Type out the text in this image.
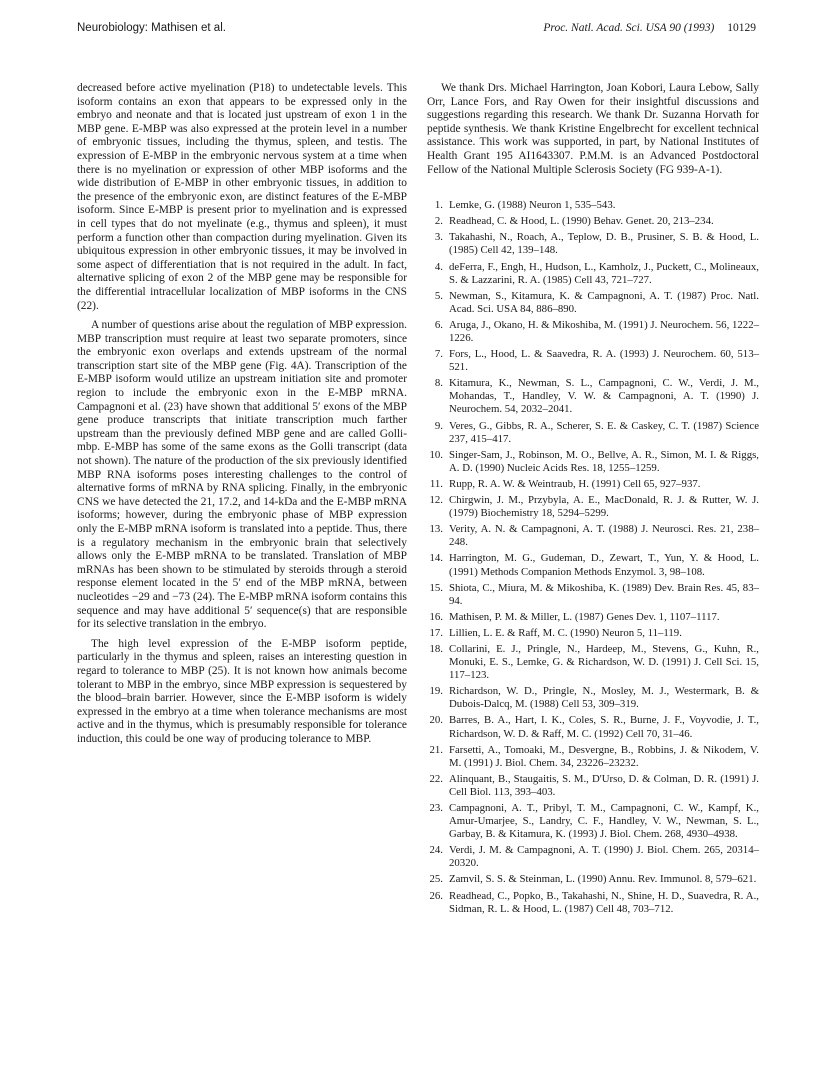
Neurobiology: Mathisen et al.	Proc. Natl. Acad. Sci. USA 90 (1993) 10129

decreased before active myelination (P18) to undetectable levels. This isoform contains an exon that appears to be expressed only in the embryo and neonate and that is located just upstream of exon 1 in the MBP gene. E-MBP was also expressed at the protein level in a number of embryonic tissues, including the thymus, spleen, and testis. The expression of E-MBP in the embryonic nervous system at a time when there is no myelination or expression of other MBP isoforms and the wide distribution of E-MBP in other embryonic tissues, in addition to the presence of the embryonic exon, are distinct features of the E-MBP isoform. Since E-MBP is present prior to myelination and is expressed in cell types that do not myelinate (e.g., thymus and spleen), it must perform a function other than compaction during myelination. Given its ubiquitous expression in other embryonic tissues, it may be involved in some aspect of differentiation that is not required in the adult. In fact, alternative splicing of exon 2 of the MBP gene may be responsible for the differential intracellular localization of MBP isoforms in the CNS (22).

A number of questions arise about the regulation of MBP expression. MBP transcription must require at least two separate promoters, since the embryonic exon overlaps and extends upstream of the normal transcription start site of the MBP gene (Fig. 4A). Transcription of the E-MBP isoform would utilize an upstream initiation site and promoter region to include the embryonic exon in the E-MBP mRNA. Campagnoni et al. (23) have shown that additional 5′ exons of the MBP gene produce transcripts that initiate transcription much farther upstream than the previously defined MBP gene and are called Golli-mbp. E-MBP has some of the same exons as the Golli transcript (data not shown). The nature of the production of the six previously identified MBP RNA isoforms poses interesting challenges to the control of alternative forms of mRNA by RNA splicing. Finally, in the embryonic CNS we have detected the 21, 17.2, and 14-kDa and the E-MBP mRNA isoforms; however, during the embryonic phase of MBP expression only the E-MBP mRNA isoform is translated into a peptide. Thus, there is a regulatory mechanism in the embryonic brain that selectively allows only the E-MBP mRNA to be translated. Translation of MBP mRNAs has been shown to be stimulated by steroids through a steroid response element located in the 5′ end of the MBP mRNA, between nucleotides −29 and −73 (24). The E-MBP mRNA isoform contains this sequence and may have additional 5′ sequence(s) that are responsible for its selective translation in the embryo.

The high level expression of the E-MBP isoform peptide, particularly in the thymus and spleen, raises an interesting question in regard to tolerance to MBP (25). It is not known how animals become tolerant to MBP in the embryo, since MBP expression is sequestered by the blood–brain barrier. However, since the E-MBP isoform is widely expressed in the embryo at a time when tolerance mechanisms are most active and in the thymus, which is presumably responsible for tolerance induction, this could be one way of producing tolerance to MBP.

We thank Drs. Michael Harrington, Joan Kobori, Laura Lebow, Sally Orr, Lance Fors, and Ray Owen for their insightful discussions and suggestions regarding this research. We thank Dr. Suzanna Horvath for peptide synthesis. We thank Kristine Engelbrecht for excellent technical assistance. This work was supported, in part, by National Institutes of Health Grant 195 AI1643307. P.M.M. is an Advanced Postdoctoral Fellow of the National Multiple Sclerosis Society (FG 939-A-1).

1. Lemke, G. (1988) Neuron 1, 535–543.
2. Readhead, C. & Hood, L. (1990) Behav. Genet. 20, 213–234.
3. Takahashi, N., Roach, A., Teplow, D. B., Prusiner, S. B. & Hood, L. (1985) Cell 42, 139–148.
4. deFerra, F., Engh, H., Hudson, L., Kamholz, J., Puckett, C., Molineaux, S. & Lazzarini, R. A. (1985) Cell 43, 721–727.
5. Newman, S., Kitamura, K. & Campagnoni, A. T. (1987) Proc. Natl. Acad. Sci. USA 84, 886–890.
6. Aruga, J., Okano, H. & Mikoshiba, M. (1991) J. Neurochem. 56, 1222–1226.
7. Fors, L., Hood, L. & Saavedra, R. A. (1993) J. Neurochem. 60, 513–521.
8. Kitamura, K., Newman, S. L., Campagnoni, C. W., Verdi, J. M., Mohandas, T., Handley, V. W. & Campagnoni, A. T. (1990) J. Neurochem. 54, 2032–2041.
9. Veres, G., Gibbs, R. A., Scherer, S. E. & Caskey, C. T. (1987) Science 237, 415–417.
10. Singer-Sam, J., Robinson, M. O., Bellve, A. R., Simon, M. I. & Riggs, A. D. (1990) Nucleic Acids Res. 18, 1255–1259.
11. Rupp, R. A. W. & Weintraub, H. (1991) Cell 65, 927–937.
12. Chirgwin, J. M., Przybyla, A. E., MacDonald, R. J. & Rutter, W. J. (1979) Biochemistry 18, 5294–5299.
13. Verity, A. N. & Campagnoni, A. T. (1988) J. Neurosci. Res. 21, 238–248.
14. Harrington, M. G., Gudeman, D., Zewart, T., Yun, Y. & Hood, L. (1991) Methods Companion Methods Enzymol. 3, 98–108.
15. Shiota, C., Miura, M. & Mikoshiba, K. (1989) Dev. Brain Res. 45, 83–94.
16. Mathisen, P. M. & Miller, L. (1987) Genes Dev. 1, 1107–1117.
17. Lillien, L. E. & Raff, M. C. (1990) Neuron 5, 11–119.
18. Collarini, E. J., Pringle, N., Hardeep, M., Stevens, G., Kuhn, R., Monuki, E. S., Lemke, G. & Richardson, W. D. (1991) J. Cell Sci. 15, 117–123.
19. Richardson, W. D., Pringle, N., Mosley, M. J., Westermark, B. & Dubois-Dalcq, M. (1988) Cell 53, 309–319.
20. Barres, B. A., Hart, I. K., Coles, S. R., Burne, J. F., Voyvodie, J. T., Richardson, W. D. & Raff, M. C. (1992) Cell 70, 31–46.
21. Farsetti, A., Tomoaki, M., Desvergne, B., Robbins, J. & Nikodem, V. M. (1991) J. Biol. Chem. 34, 23226–23232.
22. Alinquant, B., Staugaitis, S. M., D'Urso, D. & Colman, D. R. (1991) J. Cell Biol. 113, 393–403.
23. Campagnoni, A. T., Pribyl, T. M., Campagnoni, C. W., Kampf, K., Amur-Umarjee, S., Landry, C. F., Handley, V. W., Newman, S. L., Garbay, B. & Kitamura, K. (1993) J. Biol. Chem. 268, 4930–4938.
24. Verdi, J. M. & Campagnoni, A. T. (1990) J. Biol. Chem. 265, 20314–20320.
25. Zamvil, S. S. & Steinman, L. (1990) Annu. Rev. Immunol. 8, 579–621.
26. Readhead, C., Popko, B., Takahashi, N., Shine, H. D., Suavedra, R. A., Sidman, R. L. & Hood, L. (1987) Cell 48, 703–712.
